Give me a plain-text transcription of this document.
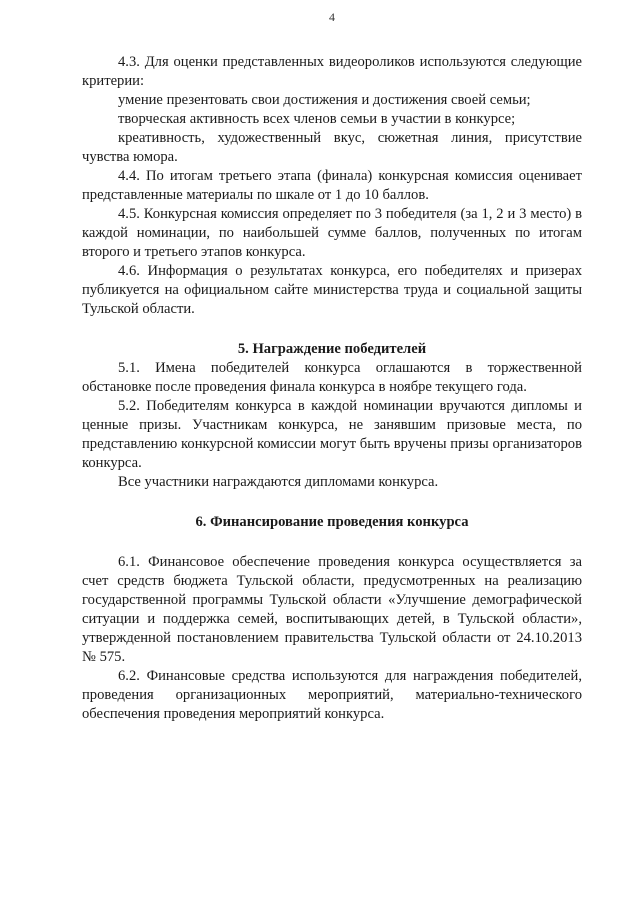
4

4.3. Для оценки представленных видеороликов используются следующие критерии:

умение презентовать свои достижения и достижения своей семьи;

творческая активность всех членов семьи в участии в конкурсе;

креативность, художественный вкус, сюжетная линия, присутствие чувства юмора.

4.4. По итогам третьего этапа (финала) конкурсная комиссия оценивает представленные материалы по шкале от 1 до 10 баллов.

4.5. Конкурсная комиссия определяет по 3 победителя (за 1, 2 и 3 место) в каждой номинации, по наибольшей сумме баллов, полученных по итогам второго и третьего этапов конкурса.

4.6. Информация о результатах конкурса, его победителях и призерах публикуется на официальном сайте министерства труда и социальной защиты Тульской области.

5. Награждение победителей

5.1. Имена победителей конкурса оглашаются в торжественной обстановке после проведения финала конкурса в ноябре текущего года.

5.2. Победителям конкурса в каждой номинации вручаются дипломы и ценные призы. Участникам конкурса, не занявшим призовые места, по представлению конкурсной комиссии могут быть вручены призы организаторов конкурса.

Все участники награждаются дипломами конкурса.

6. Финансирование проведения конкурса

6.1. Финансовое обеспечение проведения конкурса осуществляется за счет средств бюджета Тульской области, предусмотренных на реализацию государственной программы Тульской области «Улучшение демографической ситуации и поддержка семей, воспитывающих детей, в Тульской области», утвержденной постановлением правительства Тульской области от 24.10.2013 № 575.

6.2. Финансовые средства используются для награждения победителей, проведения организационных мероприятий, материально-технического обеспечения проведения мероприятий конкурса.
